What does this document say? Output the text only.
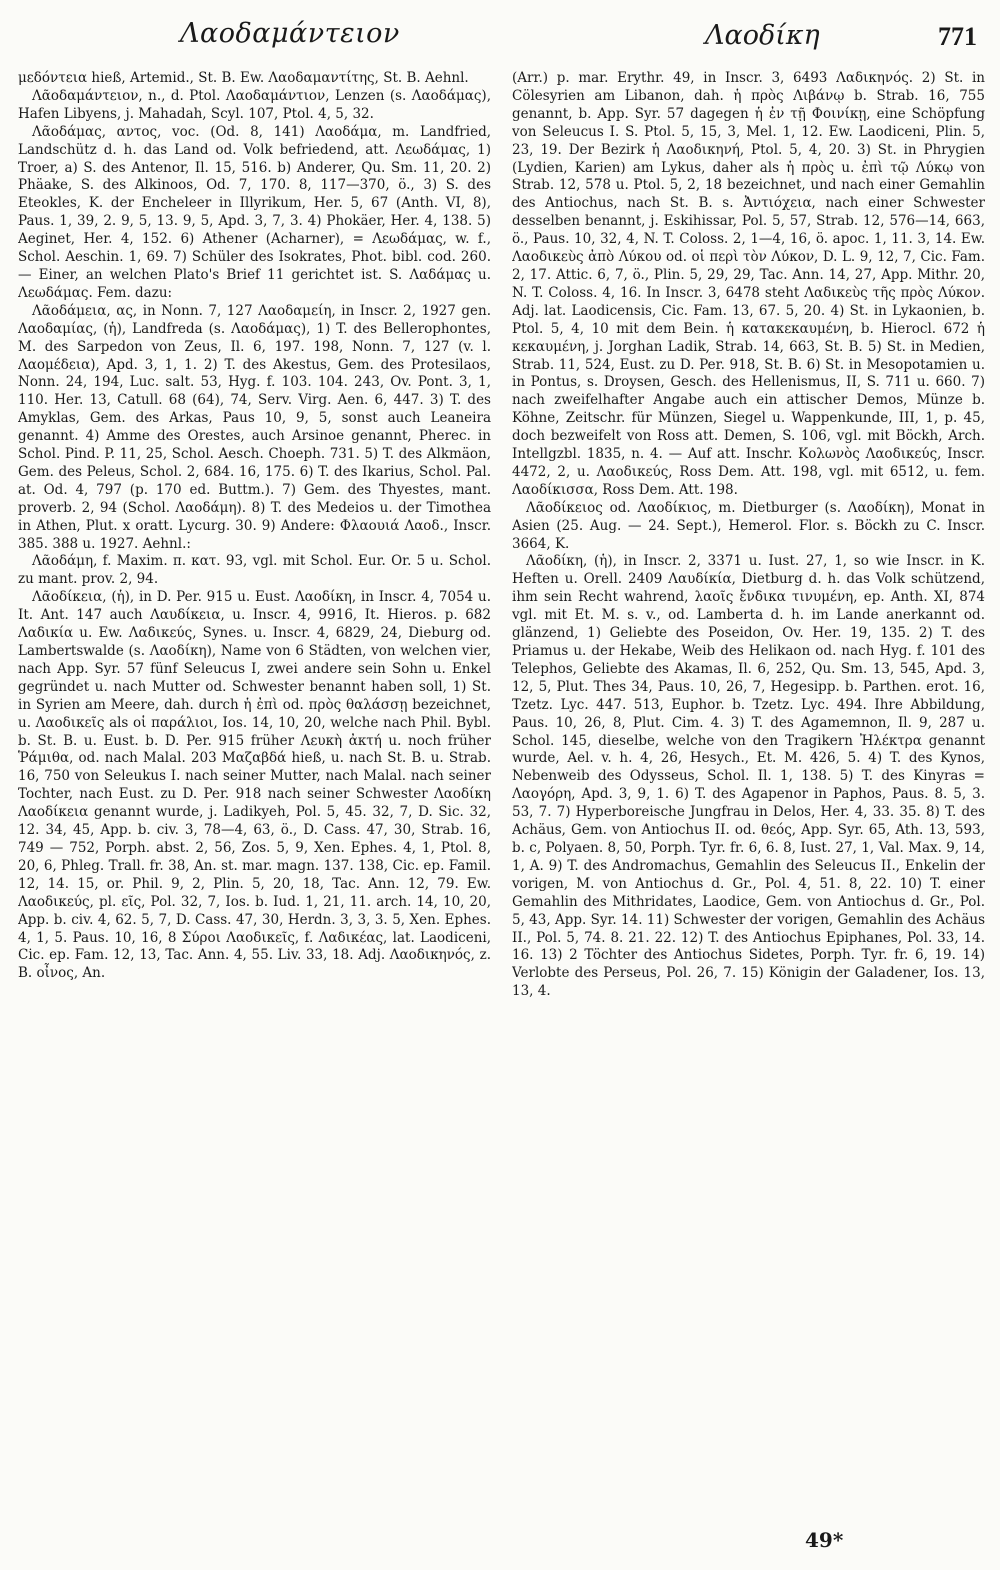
Λαοδαμάντειον	Λαοδίκη	771

μεδόντεια hieß, Artemid., St. B. Ew. Λαοδαμαντίτης, St. B. Aehnl.

Λᾶοδαμάντειον, n., d. Ptol. Λαοδαμάντιον, Lenzen (s. Λαοδάμας), Hafen Libyens, j. Mahadah, Scyl. 107, Ptol. 4, 5, 32.

Λᾶοδάμας, αντος, voc. (Od. 8, 141) Λαοδάμα, m. Landfried, Landschütz d. h. das Land od. Volk befriedend, att. Λεωδάμας, 1) Troer, a) S. des Antenor, Il. 15, 516. b) Anderer, Qu. Sm. 11, 20. 2) Phäake, S. des Alkinoos, Od. 7, 170. 8, 117—370, ö., 3) S. des Eteokles, K. der Encheleer in Illyrikum, Her. 5, 67 (Anth. VI, 8), Paus. 1, 39, 2. 9, 5, 13. 9, 5, Apd. 3, 7, 3. 4) Phokäer, Her. 4, 138. 5) Aeginet, Her. 4, 152. 6) Athener (Acharner), = Λεωδάμας, w. f., Schol. Aeschin. 1, 69. 7) Schüler des Isokrates, Phot. bibl. cod. 260. — Einer, an welchen Plato's Brief 11 gerichtet ist. S. Λαδάμας u. Λεωδάμας. Fem. dazu:

Λᾶοδάμεια, ας, in Nonn. 7, 127 Λαοδαμείη, in Inscr. 2, 1927 gen. Λαοδαμίας, (ἡ), Landfreda (s. Λαοδάμας), 1) T. des Bellerophontes, M. des Sarpedon von Zeus, Il. 6, 197. 198, Nonn. 7, 127 (v. l. Λαομέδεια), Apd. 3, 1, 1. 2) T. des Akestus, Gem. des Protesilaos, Nonn. 24, 194, Luc. salt. 53, Hyg. f. 103. 104. 243, Ov. Pont. 3, 1, 110. Her. 13, Catull. 68 (64), 74, Serv. Virg. Aen. 6, 447. 3) T. des Amyklas, Gem. des Arkas, Paus 10, 9, 5, sonst auch Leaneira genannt. 4) Amme des Orestes, auch Arsinoe genannt, Pherec. in Schol. Pind. P. 11, 25, Schol. Aesch. Choeph. 731. 5) T. des Alkmäon, Gem. des Peleus, Schol. 2, 684. 16, 175. 6) T. des Ikarius, Schol. Pal. at. Od. 4, 797 (p. 170 ed. Buttm.). 7) Gem. des Thyestes, mant. proverb. 2, 94 (Schol. Λαοδάμη). 8) T. des Medeios u. der Timothea in Athen, Plut. x oratt. Lycurg. 30. 9) Andere: Φλαουιά Λαοδ., Inscr. 385. 388 u. 1927. Aehnl.:

Λᾶοδάμη, f. Maxim. π. κατ. 93, vgl. mit Schol. Eur. Or. 5 u. Schol. zu mant. prov. 2, 94.

Λᾶοδίκεια, (ἡ), in D. Per. 915 u. Eust. Λαοδίκη, in Inscr. 4, 7054 u. It. Ant. 147 auch Λαυδίκεια, u. Inscr. 4, 9916, It. Hieros. p. 682 Λαδικία u. Ew. Λαδικεύς, Synes. u. Inscr. 4, 6829, 24, Dieburg od. Lambertswalde (s. Λαοδίκη), Name von 6 Städten, von welchen vier, nach App. Syr. 57 fünf Seleucus I, zwei andere sein Sohn u. Enkel gegründet u. nach Mutter od. Schwester benannt haben soll, 1) St. in Syrien am Meere, dah. durch ἡ ἐπὶ od. πρὸς θαλάσσῃ bezeichnet, u. Λαοδικεῖς als οἱ παράλιοι, Ios. 14, 10, 20, welche nach Phil. Bybl. b. St. B. u. Eust. b. D. Per. 915 früher Λευκὴ ἀκτή u. noch früher Ῥάμιθα, od. nach Malal. 203 Μαζαβδά hieß, u. nach St. B. u. Strab. 16, 750 von Seleukus I. nach seiner Mutter, nach Malal. nach seiner Tochter, nach Eust. zu D. Per. 918 nach seiner Schwester Λαοδίκη Λαοδίκεια genannt wurde, j. Ladikyeh, Pol. 5, 45. 32, 7, D. Sic. 32, 12. 34, 45, App. b. civ. 3, 78—4, 63, ö., D. Cass. 47, 30, Strab. 16, 749 — 752, Porph. abst. 2, 56, Zos. 5, 9, Xen. Ephes. 4, 1, Ptol. 8, 20, 6, Phleg. Trall. fr. 38, An. st. mar. magn. 137. 138, Cic. ep. Famil. 12, 14. 15, or. Phil. 9, 2, Plin. 5, 20, 18, Tac. Ann. 12, 79. Ew. Λαοδικεύς, pl. εῖς, Pol. 32, 7, Ios. b. Iud. 1, 21, 11. arch. 14, 10, 20, App. b. civ. 4, 62. 5, 7, D. Cass. 47, 30, Herdn. 3, 3, 3. 5, Xen. Ephes. 4, 1, 5. Paus. 10, 16, 8 Σύροι Λαοδικεῖς, f. Λαδικέας, lat. Laodiceni, Cic. ep. Fam. 12, 13, Tac. Ann. 4, 55. Liv. 33, 18. Adj. Λαοδικηνός, z. B. οἶνος, An.

(Arr.) p. mar. Erythr. 49, in Inscr. 3, 6493 Λαδικηνός. 2) St. in Cölesyrien am Libanon, dah. ἡ πρὸς Λιβάνῳ b. Strab. 16, 755 genannt, b. App. Syr. 57 dagegen ἡ ἐν τῇ Φοινίκῃ, eine Schöpfung von Seleucus I. S. Ptol. 5, 15, 3, Mel. 1, 12. Ew. Laodiceni, Plin. 5, 23, 19. Der Bezirk ἡ Λαοδικηνή, Ptol. 5, 4, 20. 3) St. in Phrygien (Lydien, Karien) am Lykus, daher als ἡ πρὸς u. ἐπὶ τῷ Λύκῳ von Strab. 12, 578 u. Ptol. 5, 2, 18 bezeichnet, und nach einer Gemahlin des Antiochus, nach St. B. s. Ἀντιόχεια, nach einer Schwester desselben benannt, j. Eskihissar, Pol. 5, 57, Strab. 12, 576—14, 663, ö., Paus. 10, 32, 4, N. T. Coloss. 2, 1—4, 16, ö. apoc. 1, 11. 3, 14. Ew. Λαοδικεὺς ἀπὸ Λύκου od. οἱ περὶ τὸν Λύκον, D. L. 9, 12, 7, Cic. Fam. 2, 17. Attic. 6, 7, ö., Plin. 5, 29, 29, Tac. Ann. 14, 27, App. Mithr. 20, N. T. Coloss. 4, 16. In Inscr. 3, 6478 steht Λαδικεὺς τῆς πρὸς Λύκον. Adj. lat. Laodicensis, Cic. Fam. 13, 67. 5, 20. 4) St. in Lykaonien, b. Ptol. 5, 4, 10 mit dem Bein. ἡ κατακεκαυμένη, b. Hierocl. 672 ἡ κεκαυμένη, j. Jorghan Ladik, Strab. 14, 663, St. B. 5) St. in Medien, Strab. 11, 524, Eust. zu D. Per. 918, St. B. 6) St. in Mesopotamien u. in Pontus, s. Droysen, Gesch. des Hellenismus, II, S. 711 u. 660. 7) nach zweifelhafter Angabe auch ein attischer Demos, Münze b. Köhne, Zeitschr. für Münzen, Siegel u. Wappenkunde, III, 1, p. 45, doch bezweifelt von Ross att. Demen, S. 106, vgl. mit Böckh, Arch. Intellgzbl. 1835, n. 4. — Auf att. Inschr. Κολωνὸς Λαοδικεύς, Inscr. 4472, 2, u. Λαοδικεύς, Ross Dem. Att. 198, vgl. mit 6512, u. fem. Λαοδίκισσα, Ross Dem. Att. 198.

Λᾶοδίκειος od. Λαοδίκιος, m. Dietburger (s. Λαοδίκη), Monat in Asien (25. Aug. — 24. Sept.), Hemerol. Flor. s. Böckh zu C. Inscr. 3664, K.

Λᾶοδίκη, (ἡ), in Inscr. 2, 3371 u. Iust. 27, 1, so wie Inscr. in K. Heften u. Orell. 2409 Λαυδίκία, Dietburg d. h. das Volk schützend, ihm sein Recht wahrend, λαοῖς ἔνδικα τινυμένη, ep. Anth. XI, 874 vgl. mit Et. M. s. v., od. Lamberta d. h. im Lande anerkannt od. glänzend, 1) Geliebte des Poseidon, Ov. Her. 19, 135. 2) T. des Priamus u. der Hekabe, Weib des Helikaon od. nach Hyg. f. 101 des Telephos, Geliebte des Akamas, Il. 6, 252, Qu. Sm. 13, 545, Apd. 3, 12, 5, Plut. Thes 34, Paus. 10, 26, 7, Hegesipp. b. Parthen. erot. 16, Tzetz. Lyc. 447. 513, Euphor. b. Tzetz. Lyc. 494. Ihre Abbildung, Paus. 10, 26, 8, Plut. Cim. 4. 3) T. des Agamemnon, Il. 9, 287 u. Schol. 145, dieselbe, welche von den Tragikern Ἠλέκτρα genannt wurde, Ael. v. h. 4, 26, Hesych., Et. M. 426, 5. 4) T. des Kynos, Nebenweib des Odysseus, Schol. Il. 1, 138. 5) T. des Kinyras = Λαογόρη, Apd. 3, 9, 1. 6) T. des Agapenor in Paphos, Paus. 8. 5, 3. 53, 7. 7) Hyperboreische Jungfrau in Delos, Her. 4, 33. 35. 8) T. des Achäus, Gem. von Antiochus II. od. θεός, App. Syr. 65, Ath. 13, 593, b. c, Polyaen. 8, 50, Porph. Tyr. fr. 6, 6. 8, Iust. 27, 1, Val. Max. 9, 14, 1, A. 9) T. des Andromachus, Gemahlin des Seleucus II., Enkelin der vorigen, M. von Antiochus d. Gr., Pol. 4, 51. 8, 22. 10) T. einer Gemahlin des Mithridates, Laodice, Gem. von Antiochus d. Gr., Pol. 5, 43, App. Syr. 14. 11) Schwester der vorigen, Gemahlin des Achäus II., Pol. 5, 74. 8. 21. 22. 12) T. des Antiochus Epiphanes, Pol. 33, 14. 16. 13) 2 Töchter des Antiochus Sidetes, Porph. Tyr. fr. 6, 19. 14) Verlobte des Perseus, Pol. 26, 7. 15) Königin der Galadener, Ios. 13, 13, 4.

49*
